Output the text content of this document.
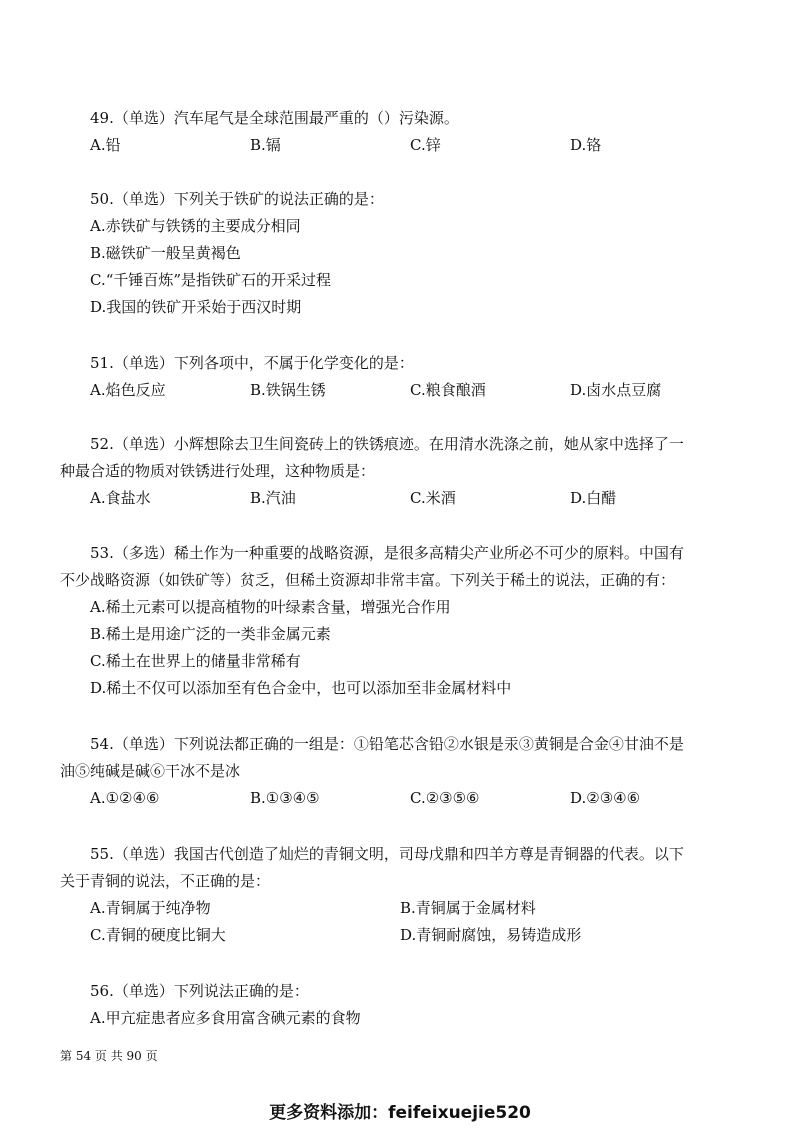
49.（单选）汽车尾气是全球范围最严重的（）污染源。
A.铅	B.镉	C.锌	D.铬
50.（单选）下列关于铁矿的说法正确的是：
A.赤铁矿与铁锈的主要成分相同
B.磁铁矿一般呈黄褐色
C.“千锤百炼”是指铁矿石的开采过程
D.我国的铁矿开采始于西汉时期
51.（单选）下列各项中，不属于化学变化的是：
A.焰色反应	B.铁锅生锈	C.粮食酿酒	D.卤水点豆腐
52.（单选）小辉想除去卫生间瓷砖上的铁锈痕迹。在用清水洗涤之前，她从家中选择了一
种最合适的物质对铁锈进行处理，这种物质是：
A.食盐水	B.汽油	C.米酒	D.白醋
53.（多选）稀土作为一种重要的战略资源，是很多高精尖产业所必不可少的原料。中国有
不少战略资源（如铁矿等）贫乏，但稀土资源却非常丰富。下列关于稀土的说法，正确的有：
A.稀土元素可以提高植物的叶绿素含量，增强光合作用
B.稀土是用途广泛的一类非金属元素
C.稀土在世界上的储量非常稀有
D.稀土不仅可以添加至有色合金中，也可以添加至非金属材料中
54.（单选）下列说法都正确的一组是：①铅笔芯含铅②水银是汞③黄铜是合金④甘油不是
油⑤纯碱是碱⑥干冰不是冰
A.①②④⑥	B.①③④⑤	C.②③⑤⑥	D.②③④⑥
55.（单选）我国古代创造了灿烂的青铜文明，司母戊鼎和四羊方尊是青铜器的代表。以下
关于青铜的说法，不正确的是：
A.青铜属于纯净物	B.青铜属于金属材料
C.青铜的硬度比铜大	D.青铜耐腐蚀，易铸造成形
56.（单选）下列说法正确的是：
A.甲亢症患者应多食用富含碘元素的食物
第 54 页 共 90 页
更多资料添加：feifeixuejie520
